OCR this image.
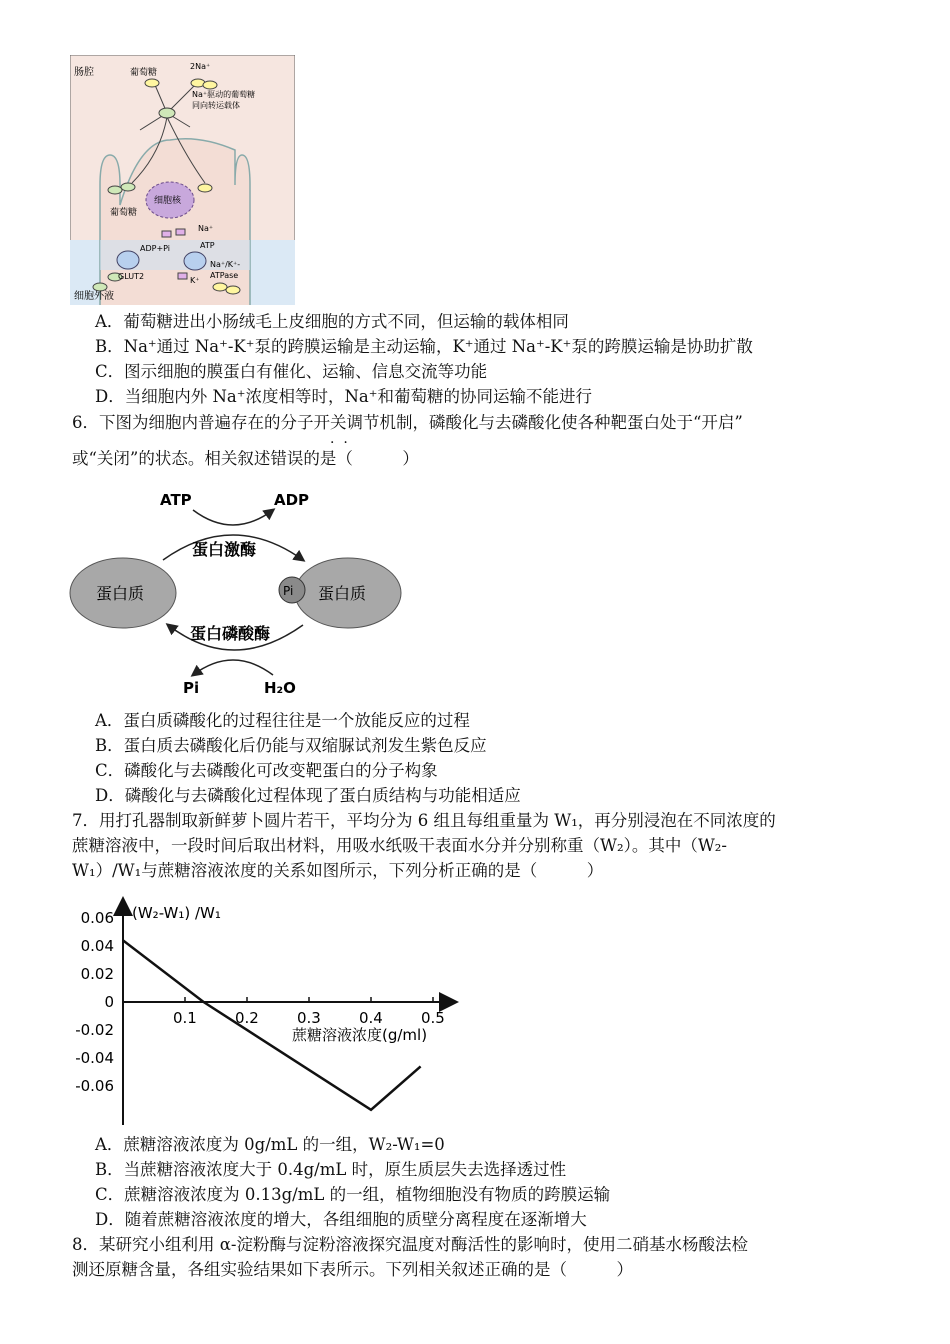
肠腔	葡萄糖
2Na⁺
Na⁺驱动的葡萄糖
同向转运载体
细胞核
葡萄糖
ADP+Pi	ATP
Na⁺
Na⁺/K⁺-
ATPase
GLUT2	K⁺
细胞外液
A．葡萄糖进出小肠绒毛上皮细胞的方式不同，但运输的载体相同
B．Na⁺通过 Na⁺-K⁺泵的跨膜运输是主动运输，K⁺通过 Na⁺-K⁺泵的跨膜运输是协助扩散
C．图示细胞的膜蛋白有催化、运输、信息交流等功能
D．当细胞内外 Na⁺浓度相等时，Na⁺和葡萄糖的协同运输不能进行
6．下图为细胞内普遍存在的分子开关调节机制，磷酸化与去磷酸化使各种靶蛋白处于“开启”
或“关闭”的状态。相关叙述错误的是（　　　）
·  ·
ATP	ADP
蛋白激酶
蛋白质	Pi 蛋白质
蛋白磷酸酶
Pi	H₂O
A．蛋白质磷酸化的过程往往是一个放能反应的过程
B．蛋白质去磷酸化后仍能与双缩脲试剂发生紫色反应
C．磷酸化与去磷酸化可改变靶蛋白的分子构象
D．磷酸化与去磷酸化过程体现了蛋白质结构与功能相适应
7．用打孔器制取新鲜萝卜圆片若干，平均分为 6 组且每组重量为 W₁，再分别浸泡在不同浓度的
蔗糖溶液中，一段时间后取出材料，用吸水纸吸干表面水分并分别称重（W₂）。其中（W₂-
W₁）/W₁与蔗糖溶液浓度的关系如图所示，下列分析正确的是（　　　）
0.1	0.2	0.3	0.4	0.5
0.06
0.04
0.02
0
-0.02
-0.04
-0.06
(W₂-W₁) /W₁
蔗糖溶液浓度(g/ml)
A．蔗糖溶液浓度为 0g/mL 的一组，W₂-W₁=0
B．当蔗糖溶液浓度大于 0.4g/mL 时，原生质层失去选择透过性
C．蔗糖溶液浓度为 0.13g/mL 的一组，植物细胞没有物质的跨膜运输
D．随着蔗糖溶液浓度的增大，各组细胞的质壁分离程度在逐渐增大
8．某研究小组利用 α-淀粉酶与淀粉溶液探究温度对酶活性的影响时，使用二硝基水杨酸法检
测还原糖含量，各组实验结果如下表所示。下列相关叙述正确的是（　　　）
